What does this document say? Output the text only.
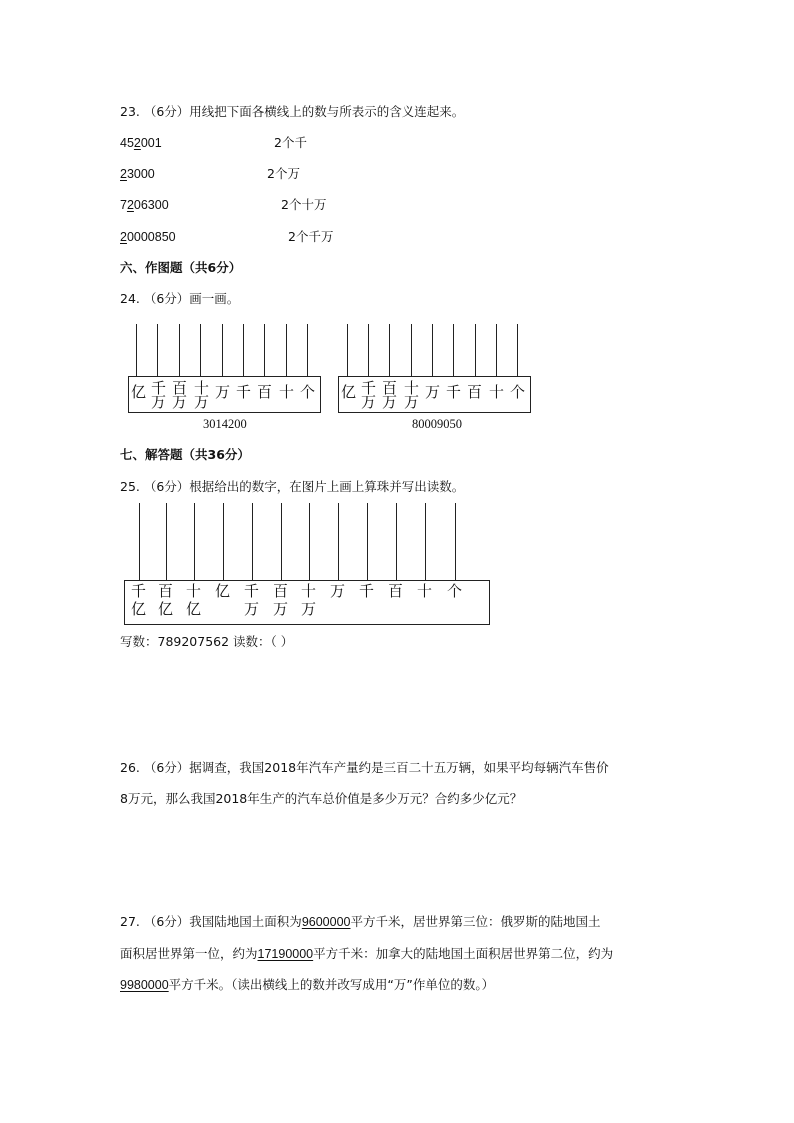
23. （6分）用线把下面各横线上的数与所表示的含义连起来。
452001	2个千
23000	2个万
7206300	2个十万
20000850	2个千万
六、作图题（共6分）
24. （6分）画一画。
亿 千万
百万
十万
万 千 百 十 个
3014200
亿 千万
百万
十万
万 千 百 十 个
80009050
七、解答题（共36分）
25. （6分）根据给出的数字，在图片上画上算珠并写出读数。
千 百 十 亿 千 百 十 万 千 百 十 个
亿 亿 亿	万 万 万
写数：789207562 读数：（ ）
26. （6分）据调查，我国2018年汽车产量约是三百二十五万辆，如果平均每辆汽车售价
8万元，那么我国2018年生产的汽车总价值是多少万元？合约多少亿元？
27. （6分）我国陆地国土面积为9600000平方千米，居世界第三位：俄罗斯的陆地国土
面积居世界第一位，约为17190000平方千米：加拿大的陆地国土面积居世界第二位，约为
9980000平方千米。（读出横线上的数并改写成用“万”作单位的数。）
